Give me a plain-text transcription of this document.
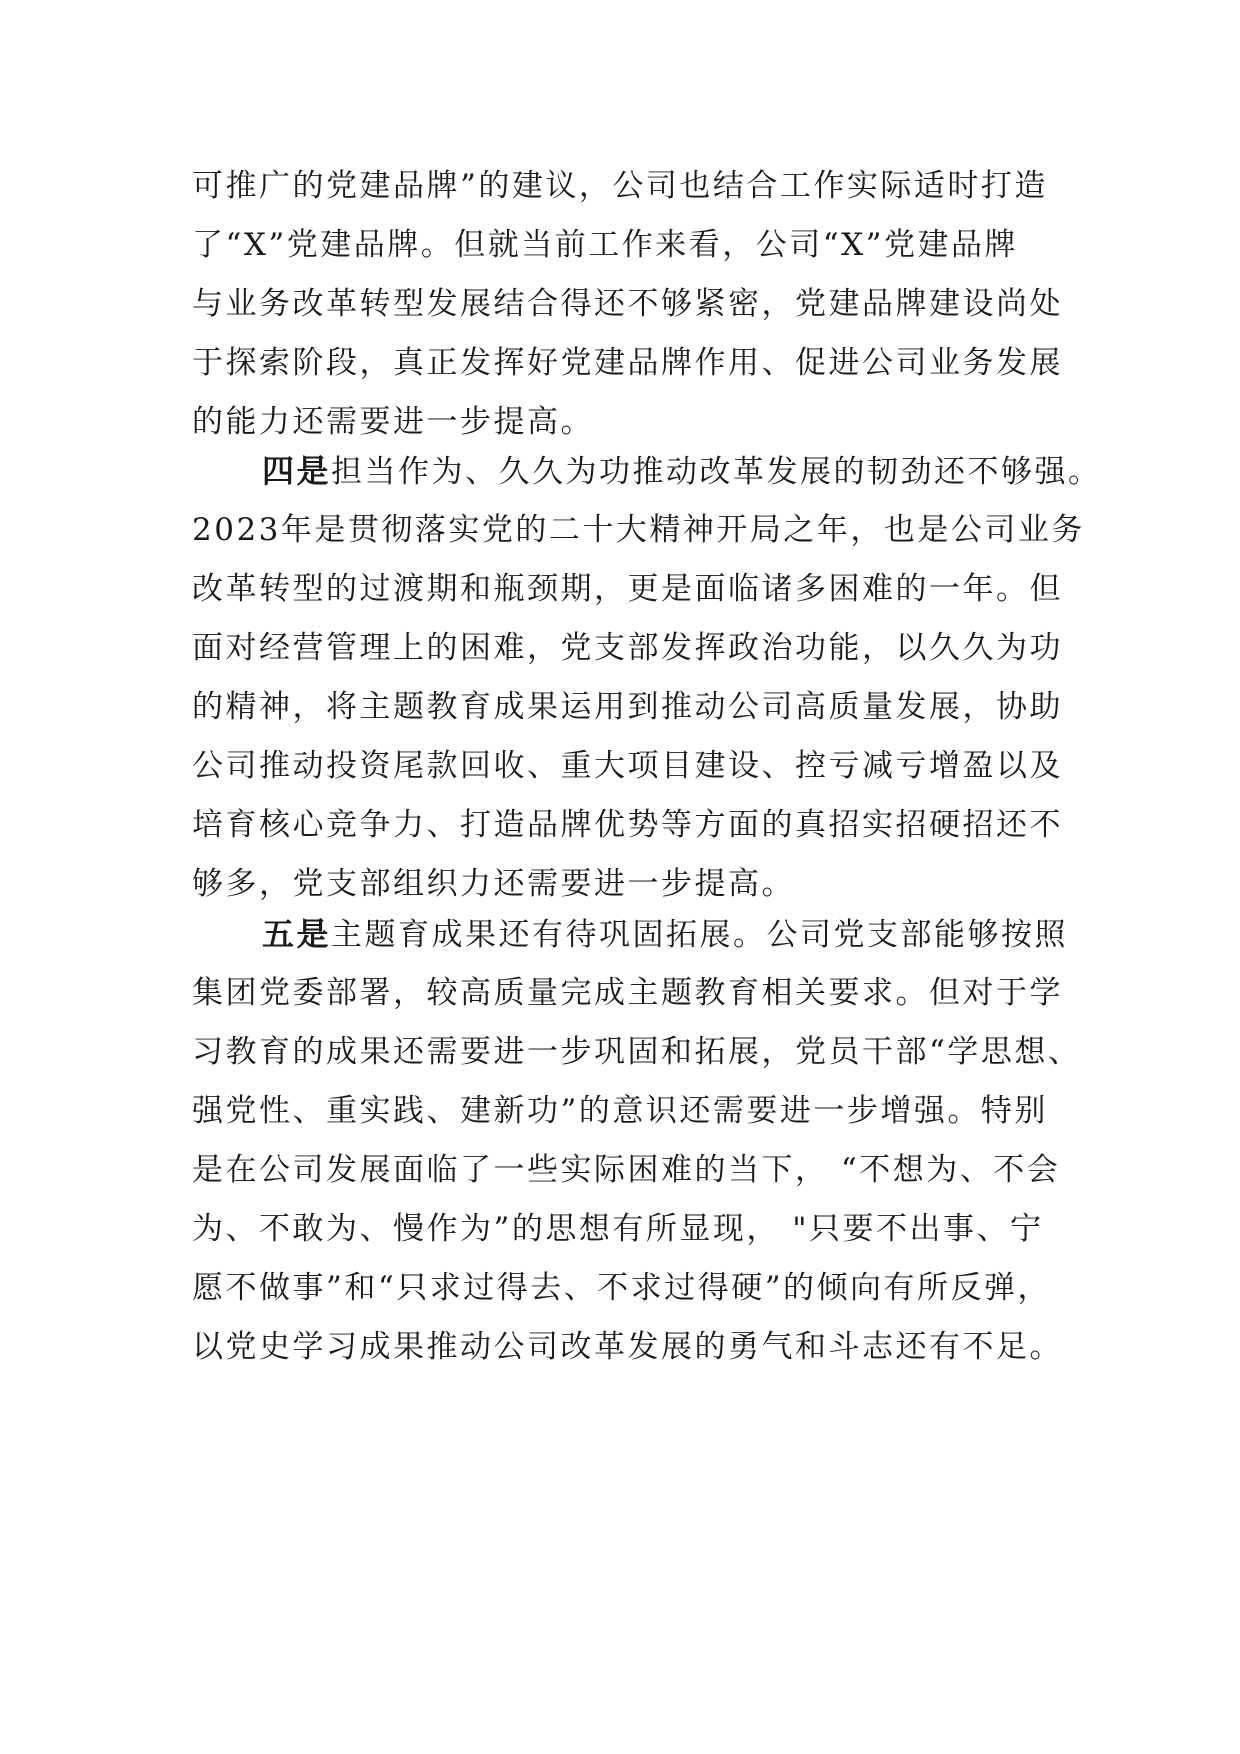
可推广的党建品牌”的建议，公司也结合工作实际适时打造
了“X”党建品牌。但就当前工作来看，公司“X”党建品牌
与业务改革转型发展结合得还不够紧密，党建品牌建设尚处
于探索阶段，真正发挥好党建品牌作用、促进公司业务发展
的能力还需要进一步提高。
四是担当作为、久久为功推动改革发展的韧劲还不够强。
2023年是贯彻落实党的二十大精神开局之年，也是公司业务
改革转型的过渡期和瓶颈期，更是面临诸多困难的一年。但
面对经营管理上的困难，党支部发挥政治功能，以久久为功
的精神，将主题教育成果运用到推动公司高质量发展，协助
公司推动投资尾款回收、重大项目建设、控亏减亏增盈以及
培育核心竞争力、打造品牌优势等方面的真招实招硬招还不
够多，党支部组织力还需要进一步提高。
五是主题育成果还有待巩固拓展。公司党支部能够按照
集团党委部署，较高质量完成主题教育相关要求。但对于学
习教育的成果还需要进一步巩固和拓展，党员干部“学思想、
强党性、重实践、建新功”的意识还需要进一步增强。特别
是在公司发展面临了一些实际困难的当下， “不想为、不会
为、不敢为、慢作为”的思想有所显现， "只要不出事、宁
愿不做事”和“只求过得去、不求过得硬”的倾向有所反弹，
以党史学习成果推动公司改革发展的勇气和斗志还有不足。
